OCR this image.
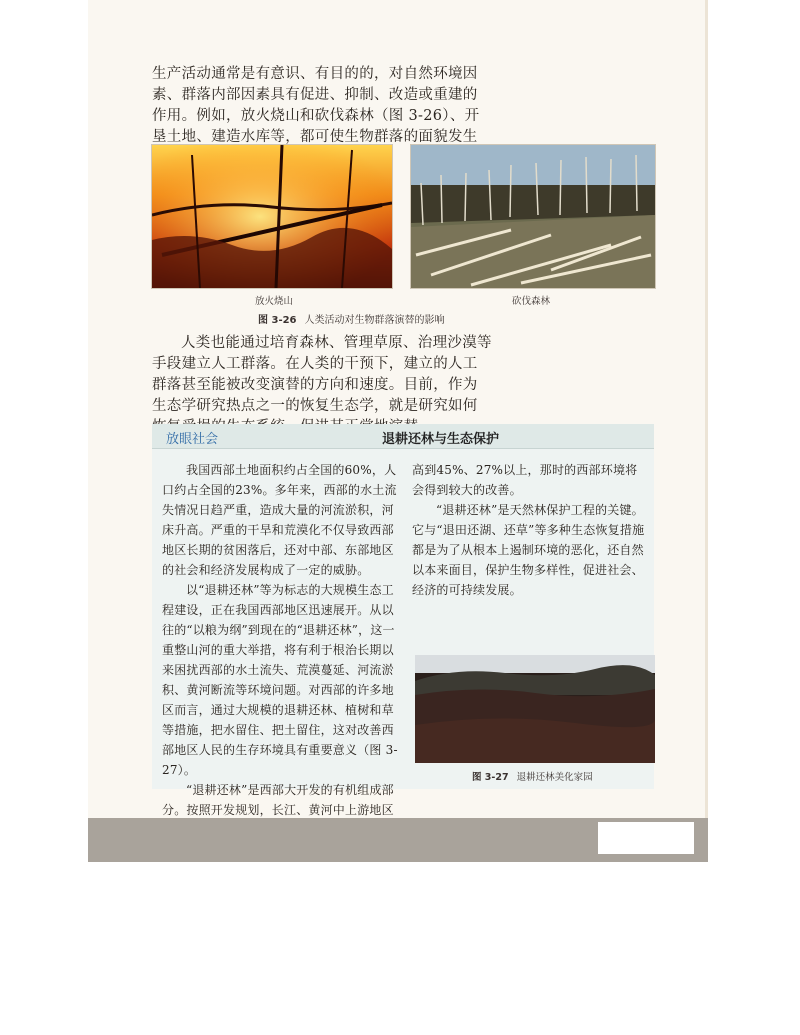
生产活动通常是有意识、有目的的，对自然环境因素、群落内部因素具有促进、抑制、改造或重建的作用。例如，放火烧山和砍伐森林（图 3-26）、开垦土地、建造水库等，都可使生物群落的面貌发生

放火烧山	砍伐森林
图 3-26 人类活动对生物群落演替的影响

人类也能通过培育森林、管理草原、治理沙漠等手段建立人工群落。在人类的干预下，建立的人工群落甚至能被改变演替的方向和速度。目前，作为生态学研究热点之一的恢复生态学，就是研究如何

放眼社会	退耕还林与生态保护

我国西部土地面积约占全国的60%，人口约占全国的23%。多年来，西部的水土流失情况日趋严重，造成大量的河流淤积，河床升高。严重的干旱和荒漠化不仅导致西部地区长期的贫困落后，还对中部、东部地区的社会和经济发展构成了一定的威胁。

以“退耕还林”等为标志的大规模生态工程建设，正在我国西部地区迅速展开。从以往的“以粮为纲”到现在的“退耕还林”，这一重整山河的重大举措，将有利于根治长期以来困扰西部的水土流失、荒漠蔓延、河流淤积、黄河断流等环境问题。对西部的许多地区而言，通过大规模的退耕还林、植树和草等措施，把水留住、把土留住，这对改善西部地区人民的生存环境具有重要意义（图 3-27）。

“退耕还林”是西部大开发的有机组成部分。按照开发规划，长江、黄河中上游地区

高到45%、27%以上，那时的西部环境将会得到较大的改善。

“退耕还林”是天然林保护工程的关键。它与“退田还湖、还草”等多种生态恢复措施都是为了从根本上遏制环境的恶化，还自然以本来面目，保护生物多样性，促进社会、经济的可持续发展。

图 3-27 退耕还林美化家园
